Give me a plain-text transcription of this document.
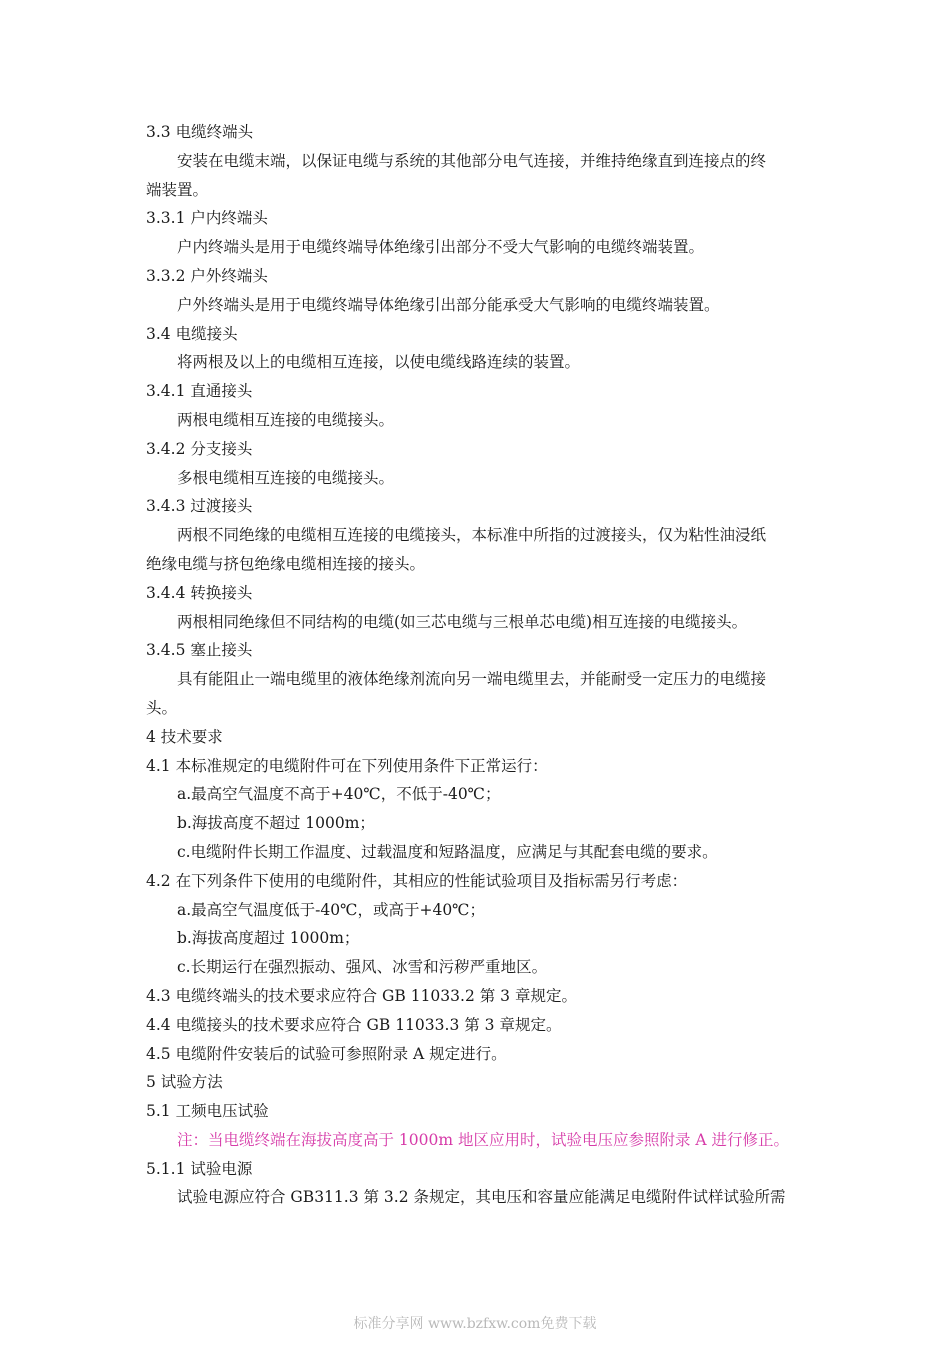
3.3 电缆终端头
安装在电缆末端，以保证电缆与系统的其他部分电气连接，并维持绝缘直到连接点的终
端装置。
3.3.1 户内终端头
户内终端头是用于电缆终端导体绝缘引出部分不受大气影响的电缆终端装置。
3.3.2 户外终端头
户外终端头是用于电缆终端导体绝缘引出部分能承受大气影响的电缆终端装置。
3.4 电缆接头
将两根及以上的电缆相互连接，以使电缆线路连续的装置。
3.4.1 直通接头
两根电缆相互连接的电缆接头。
3.4.2 分支接头
多根电缆相互连接的电缆接头。
3.4.3 过渡接头
两根不同绝缘的电缆相互连接的电缆接头，本标准中所指的过渡接头，仅为粘性油浸纸
绝缘电缆与挤包绝缘电缆相连接的接头。
3.4.4 转换接头
两根相同绝缘但不同结构的电缆(如三芯电缆与三根单芯电缆)相互连接的电缆接头。
3.4.5 塞止接头
具有能阻止一端电缆里的液体绝缘剂流向另一端电缆里去，并能耐受一定压力的电缆接
头。
4 技术要求
4.1 本标准规定的电缆附件可在下列使用条件下正常运行：
a.最高空气温度不高于+40℃，不低于-40℃；
b.海拔高度不超过 1000m；
c.电缆附件长期工作温度、过载温度和短路温度，应满足与其配套电缆的要求。
4.2 在下列条件下使用的电缆附件，其相应的性能试验项目及指标需另行考虑：
a.最高空气温度低于-40℃，或高于+40℃；
b.海拔高度超过 1000m；
c.长期运行在强烈振动、强风、冰雪和污秽严重地区。
4.3 电缆终端头的技术要求应符合 GB 11033.2 第 3 章规定。
4.4 电缆接头的技术要求应符合 GB 11033.3 第 3 章规定。
4.5 电缆附件安装后的试验可参照附录 A 规定进行。
5 试验方法
5.1 工频电压试验
注：当电缆终端在海拔高度高于 1000m 地区应用时，试验电压应参照附录 A 进行修正。
5.1.1 试验电源
试验电源应符合 GB311.3 第 3.2 条规定，其电压和容量应能满足电缆附件试样试验所需
标准分享网 www.bzfxw.com免费下载
